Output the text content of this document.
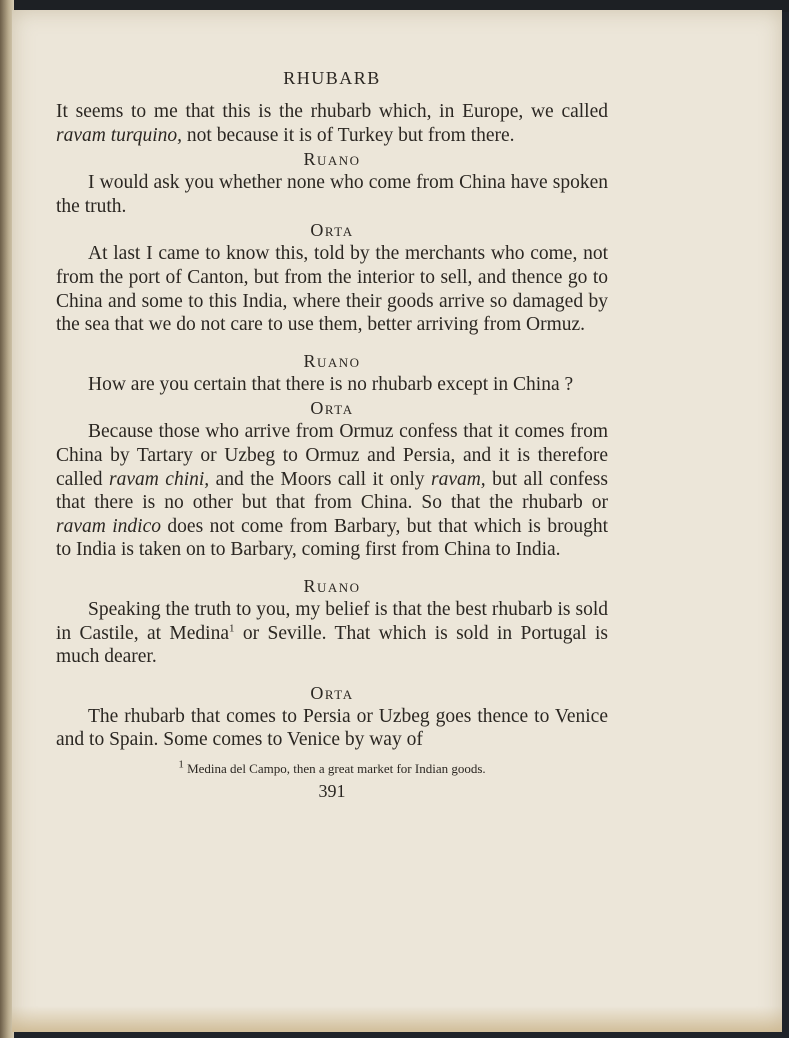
RHUBARB

It seems to me that this is the rhubarb which, in Europe, we called ravam turquino, not because it is of Turkey but from there.

Ruano

I would ask you whether none who come from China have spoken the truth.

Orta

At last I came to know this, told by the merchants who come, not from the port of Canton, but from the interior to sell, and thence go to China and some to this India, where their goods arrive so damaged by the sea that we do not care to use them, better arriving from Ormuz.

Ruano

How are you certain that there is no rhubarb except in China ?

Orta

Because those who arrive from Ormuz confess that it comes from China by Tartary or Uzbeg to Ormuz and Persia, and it is therefore called ravam chini, and the Moors call it only ravam, but all confess that there is no other but that from China. So that the rhubarb or ravam indico does not come from Barbary, but that which is brought to India is taken on to Barbary, coming first from China to India.

Ruano

Speaking the truth to you, my belief is that the best rhubarb is sold in Castile, at Medina$^1$ or Seville. That which is sold in Portugal is much dearer.

Orta

The rhubarb that comes to Persia or Uzbeg goes thence to Venice and to Spain. Some comes to Venice by way of

$^1$ Medina del Campo, then a great market for Indian goods.
391
